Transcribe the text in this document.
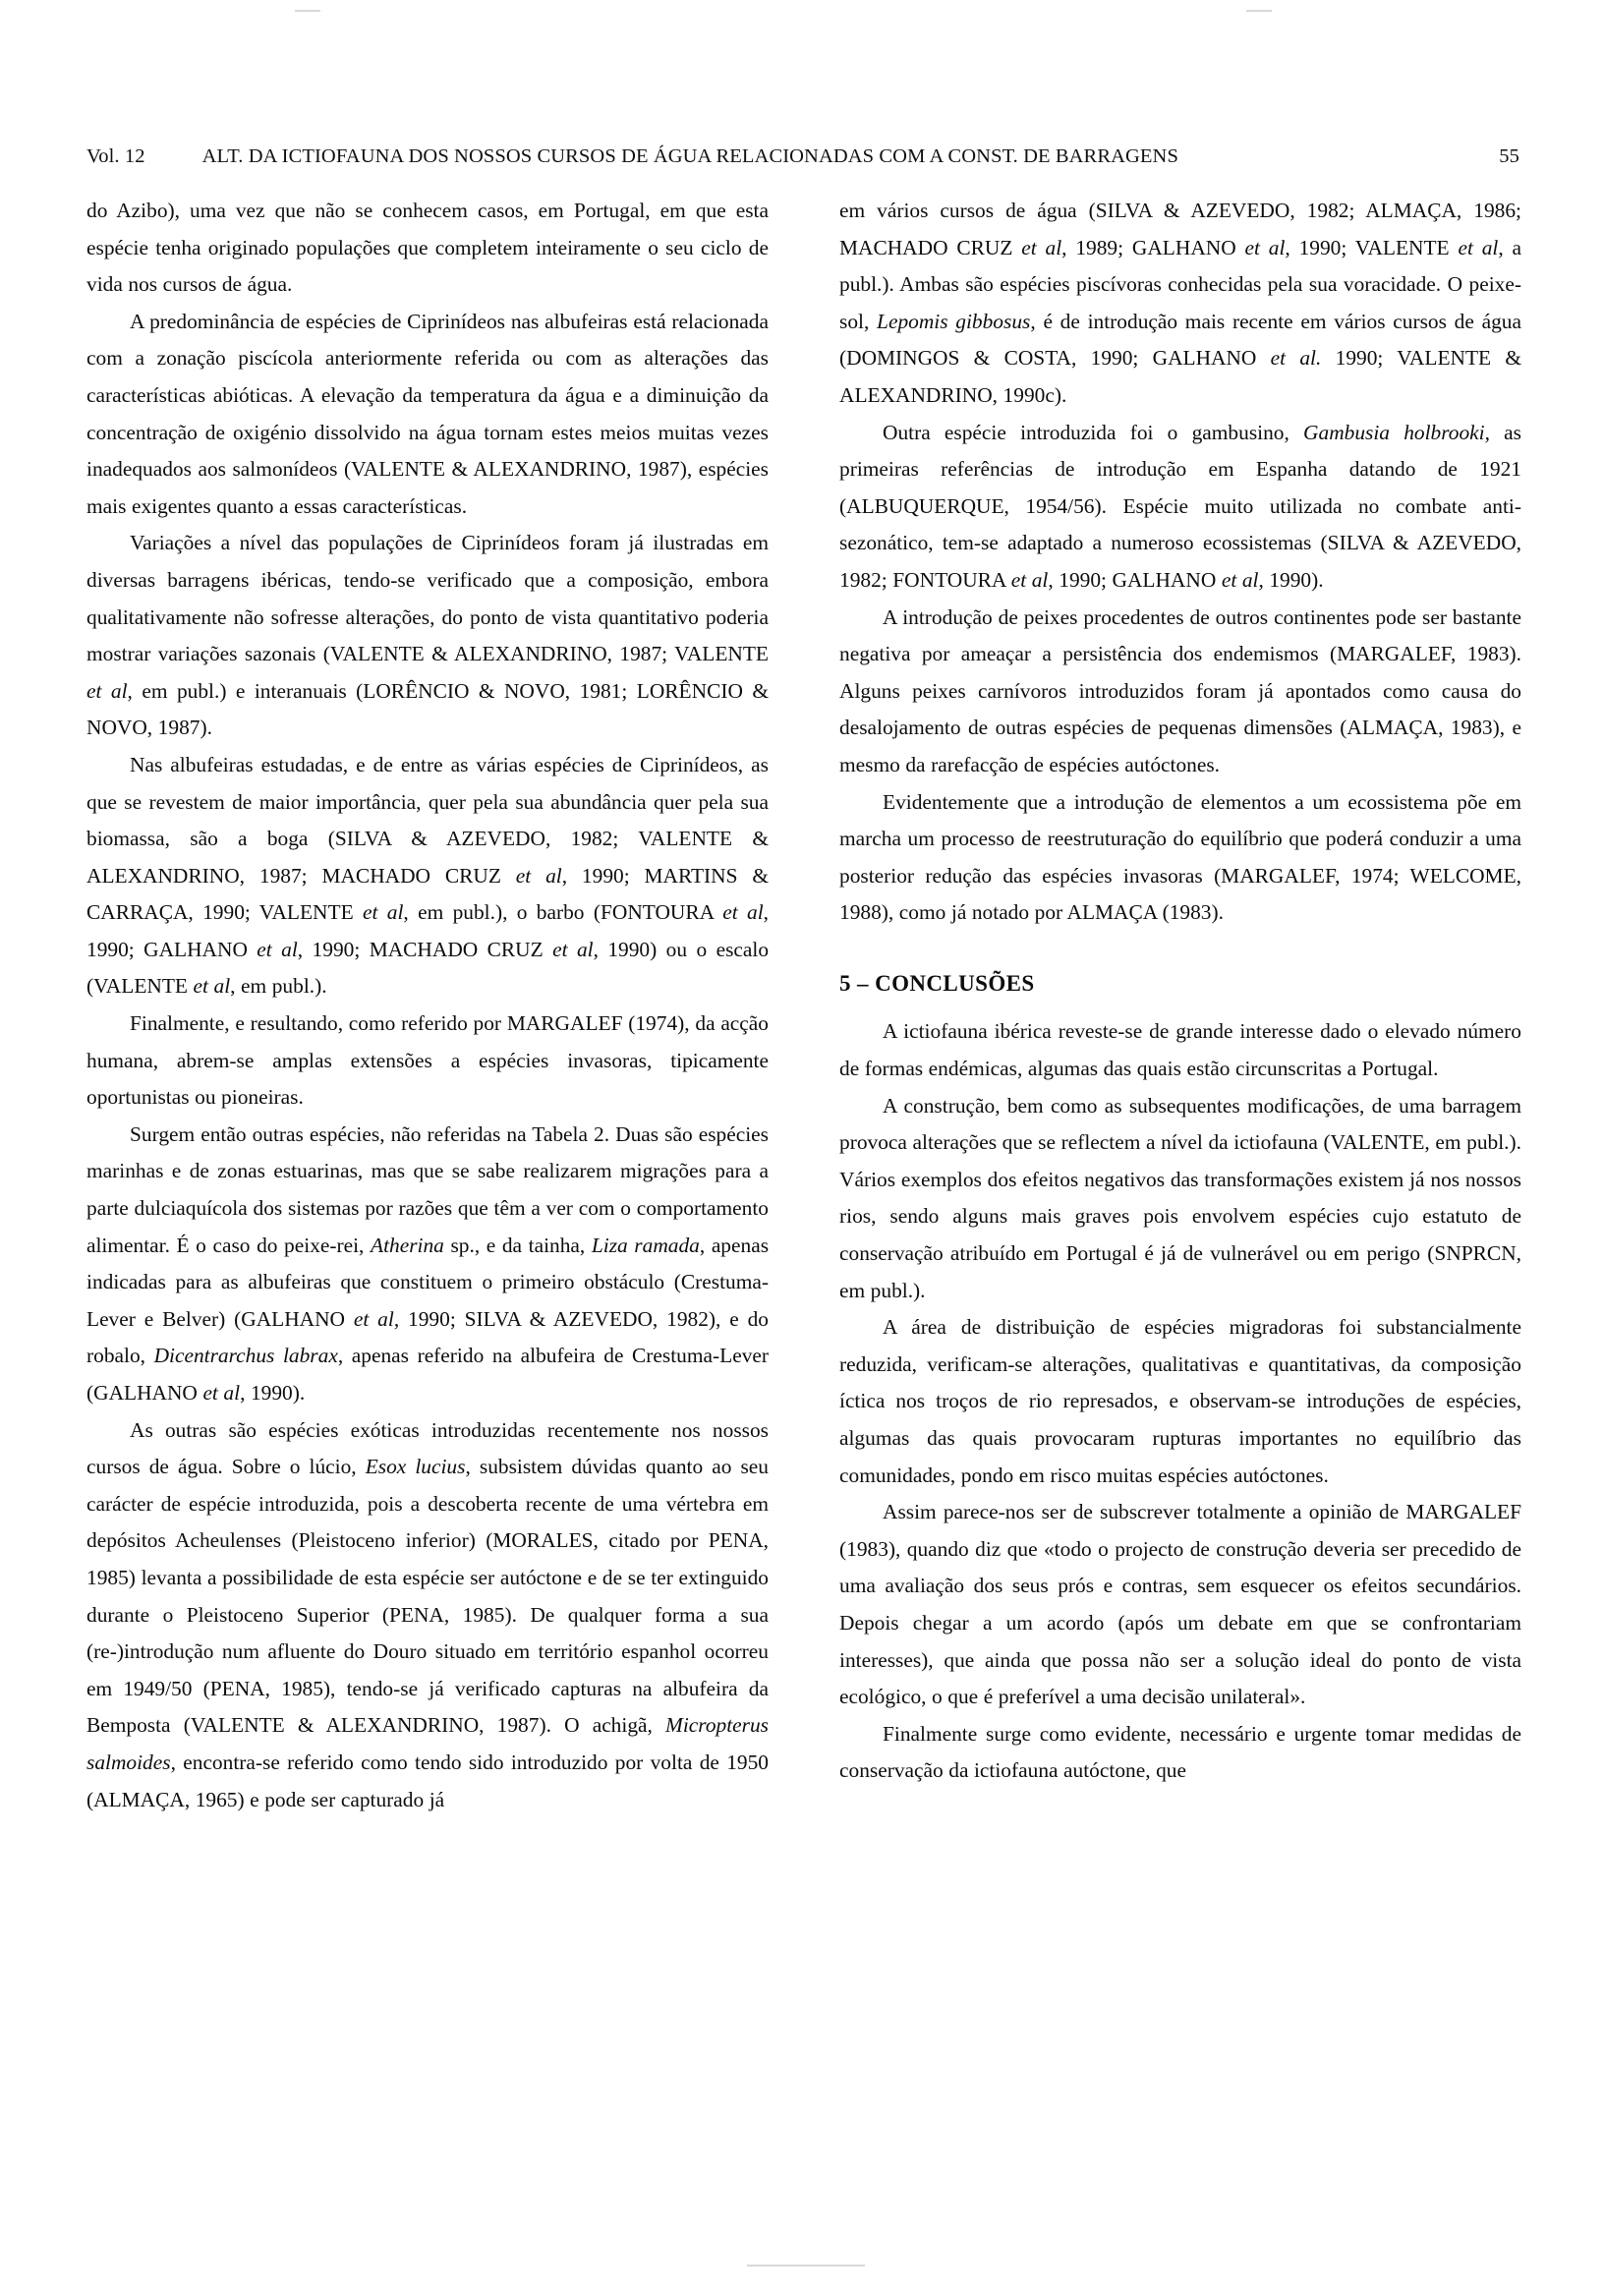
Vol. 12	ALT. DA ICTIOFAUNA DOS NOSSOS CURSOS DE ÁGUA RELACIONADAS COM A CONST. DE BARRAGENS	55

do Azibo), uma vez que não se conhecem casos, em Portugal, em que esta espécie tenha originado populações que completem inteiramente o seu ciclo de vida nos cursos de água.

A predominância de espécies de Ciprinídeos nas albufeiras está relacionada com a zonação piscícola anteriormente referida ou com as alterações das características abióticas. A elevação da temperatura da água e a diminuição da concentração de oxigénio dissolvido na água tornam estes meios muitas vezes inadequados aos salmonídeos (VALENTE & ALEXANDRINO, 1987), espécies mais exigentes quanto a essas características.

Variações a nível das populações de Ciprinídeos foram já ilustradas em diversas barragens ibéricas, tendo-se verificado que a composição, embora qualitativamente não sofresse alterações, do ponto de vista quantitativo poderia mostrar variações sazonais (VALENTE & ALEXANDRINO, 1987; VALENTE et al, em publ.) e interanuais (LORÊNCIO & NOVO, 1981; LORÊNCIO & NOVO, 1987).

Nas albufeiras estudadas, e de entre as várias espécies de Ciprinídeos, as que se revestem de maior importância, quer pela sua abundância quer pela sua biomassa, são a boga (SILVA & AZEVEDO, 1982; VALENTE & ALEXANDRINO, 1987; MACHADO CRUZ et al, 1990; MARTINS & CARRAÇA, 1990; VALENTE et al, em publ.), o barbo (FONTOURA et al, 1990; GALHANO et al, 1990; MACHADO CRUZ et al, 1990) ou o escalo (VALENTE et al, em publ.).

Finalmente, e resultando, como referido por MARGALEF (1974), da acção humana, abrem-se amplas extensões a espécies invasoras, tipicamente oportunistas ou pioneiras.

Surgem então outras espécies, não referidas na Tabela 2. Duas são espécies marinhas e de zonas estuarinas, mas que se sabe realizarem migrações para a parte dulciaquícola dos sistemas por razões que têm a ver com o comportamento alimentar. É o caso do peixe-rei, Atherina sp., e da tainha, Liza ramada, apenas indicadas para as albufeiras que constituem o primeiro obstáculo (Crestuma-Lever e Belver) (GALHANO et al, 1990; SILVA & AZEVEDO, 1982), e do robalo, Dicentrarchus labrax, apenas referido na albufeira de Crestuma-Lever (GALHANO et al, 1990).

As outras são espécies exóticas introduzidas recentemente nos nossos cursos de água. Sobre o lúcio, Esox lucius, subsistem dúvidas quanto ao seu carácter de espécie introduzida, pois a descoberta recente de uma vértebra em depósitos Acheulenses (Pleistoceno inferior) (MORALES, citado por PENA, 1985) levanta a possibilidade de esta espécie ser autóctone e de se ter extinguido durante o Pleistoceno Superior (PENA, 1985). De qualquer forma a sua (re-)introdução num afluente do Douro situado em território espanhol ocorreu em 1949/50 (PENA, 1985), tendo-se já verificado capturas na albufeira da Bemposta (VALENTE & ALEXANDRINO, 1987). O achigã, Micropterus salmoides, encontra-se referido como tendo sido introduzido por volta de 1950 (ALMAÇA, 1965) e pode ser capturado já

em vários cursos de água (SILVA & AZEVEDO, 1982; ALMAÇA, 1986; MACHADO CRUZ et al, 1989; GALHANO et al, 1990; VALENTE et al, a publ.). Ambas são espécies piscívoras conhecidas pela sua voracidade. O peixe-sol, Lepomis gibbosus, é de introdução mais recente em vários cursos de água (DOMINGOS & COSTA, 1990; GALHANO et al. 1990; VALENTE & ALEXANDRINO, 1990c).

Outra espécie introduzida foi o gambusino, Gambusia holbrooki, as primeiras referências de introdução em Espanha datando de 1921 (ALBUQUERQUE, 1954/56). Espécie muito utilizada no combate anti-sezonático, tem-se adaptado a numeroso ecossistemas (SILVA & AZEVEDO, 1982; FONTOURA et al, 1990; GALHANO et al, 1990).

A introdução de peixes procedentes de outros continentes pode ser bastante negativa por ameaçar a persistência dos endemismos (MARGALEF, 1983). Alguns peixes carnívoros introduzidos foram já apontados como causa do desalojamento de outras espécies de pequenas dimensões (ALMAÇA, 1983), e mesmo da rarefacção de espécies autóctones.

Evidentemente que a introdução de elementos a um ecossistema põe em marcha um processo de reestruturação do equilíbrio que poderá conduzir a uma posterior redução das espécies invasoras (MARGALEF, 1974; WELCOME, 1988), como já notado por ALMAÇA (1983).

5 – CONCLUSÕES

A ictiofauna ibérica reveste-se de grande interesse dado o elevado número de formas endémicas, algumas das quais estão circunscritas a Portugal.

A construção, bem como as subsequentes modificações, de uma barragem provoca alterações que se reflectem a nível da ictiofauna (VALENTE, em publ.). Vários exemplos dos efeitos negativos das transformações existem já nos nossos rios, sendo alguns mais graves pois envolvem espécies cujo estatuto de conservação atribuído em Portugal é já de vulnerável ou em perigo (SNPRCN, em publ.).

A área de distribuição de espécies migradoras foi substancialmente reduzida, verificam-se alterações, qualitativas e quantitativas, da composição íctica nos troços de rio represados, e observam-se introduções de espécies, algumas das quais provocaram rupturas importantes no equilíbrio das comunidades, pondo em risco muitas espécies autóctones.

Assim parece-nos ser de subscrever totalmente a opinião de MARGALEF (1983), quando diz que «todo o projecto de construção deveria ser precedido de uma avaliação dos seus prós e contras, sem esquecer os efeitos secundários. Depois chegar a um acordo (após um debate em que se confrontariam interesses), que ainda que possa não ser a solução ideal do ponto de vista ecológico, o que é preferível a uma decisão unilateral».

Finalmente surge como evidente, necessário e urgente tomar medidas de conservação da ictiofauna autóctone, que
